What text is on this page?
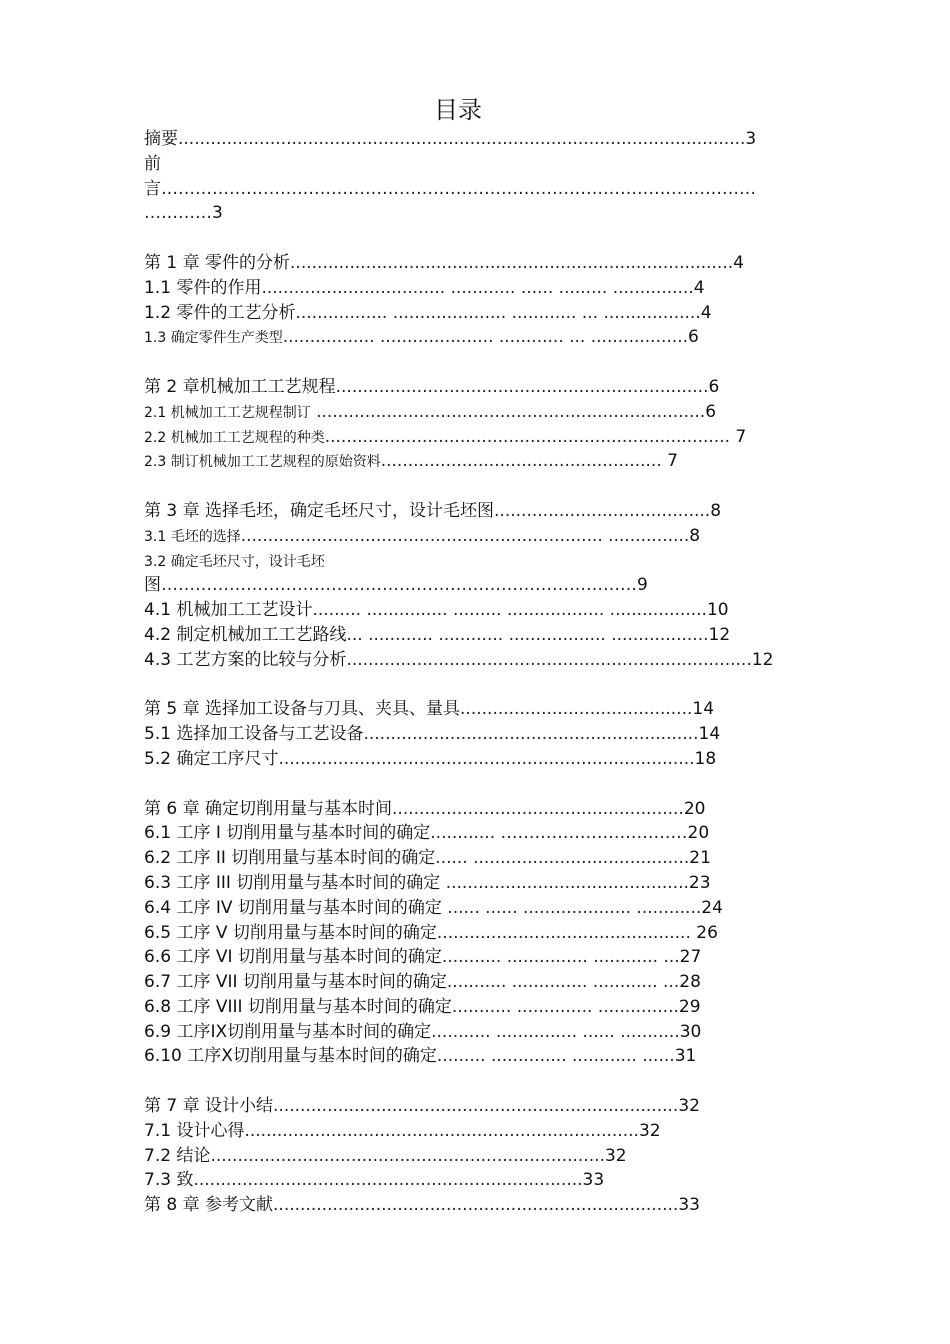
目录
摘要.........................................................................................................3
前
言……………………………………………………………………………………………
…………3
第 1 章 零件的分析..................................................................................4
1.1 零件的作用.................................. ............ ...... ......... ...............4
1.2 零件的工艺分析................. ..................... ............ ... ..................4
1.3 确定零件生产类型................. ..................... ............ ... ..................6
第 2 章机械加工工艺规程.....................................................................6
2.1 机械加工工艺规程制订 ........................................................................6
2.2 机械加工工艺规程的种类........................................................................... 7
2.3 制订机械加工工艺规程的原始资料.................................................... 7
第 3 章 选择毛坯，确定毛坯尺寸，设计毛坯图........................................8
3.1 毛坯的选择................................................................... ...............8
3.2 确定毛坯尺寸，设计毛坯
图…………………………………………………………………………9
4.1 机械加工工艺设计......... ............... ......... .................. ..................10
4.2 制定机械加工工艺路线... ............ ............ .................. ..................12
4.3 工艺方案的比较与分析...........................................................................12
第 5 章 选择加工设备与刀具、夹具、量具...........................................14
5.1 选择加工设备与工艺设备..............................................................14
5.2 确定工序尺寸.............................................................................18
第 6 章 确定切削用量与基本时间......................................................20
6.1 工序 I 切削用量与基本时间的确定............ ……………………………20
6.2 工序 II 切削用量与基本时间的确定...... ........................................21
6.3 工序 III 切削用量与基本时间的确定 .............................................23
6.4 工序 IV 切削用量与基本时间的确定 ...... ...... .................... ............24
6.5 工序 V 切削用量与基本时间的确定............................................... 26
6.6 工序 VI 切削用量与基本时间的确定........... ............... ............ ...27
6.7 工序 VII 切削用量与基本时间的确定........... .............. ............ ...28
6.8 工序 VIII 切削用量与基本时间的确定........... .............. ...............29
6.9 工序IX切削用量与基本时间的确定........... ............... ...... ...........30
6.10 工序Ⅹ切削用量与基本时间的确定......... .............. ............ ......31
第 7 章 设计小结...........................................................................32
7.1 设计心得.........................................................................32
7.2 结论.........................................................................32
7.3 致........................................................................33
第 8 章 参考文献...........................................................................33
